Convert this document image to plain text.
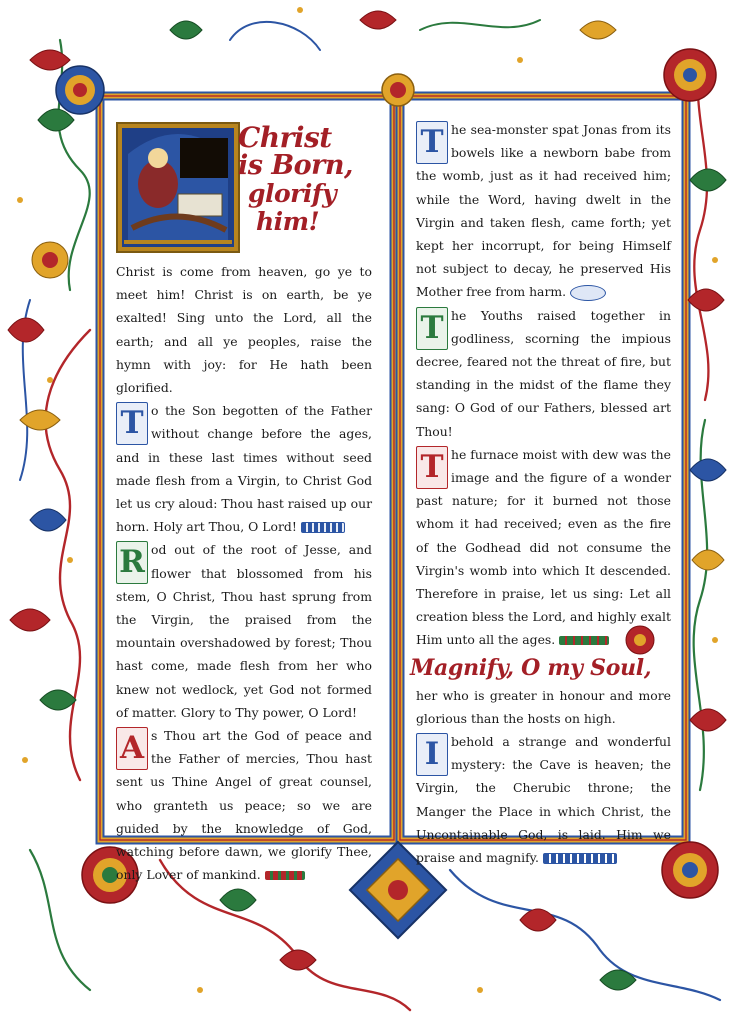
Christ
is Born,
glorify
him!

Christ is come from heaven, go ye to meet him! Christ is on earth, be ye exalted! Sing unto the Lord, all the earth; and all ye peoples, raise the hymn with joy: for He hath been glorified.

T o the Son begotten of the Father without change before the ages, and in these last times without seed made flesh from a Virgin, to Christ God let us cry aloud: Thou hast raised up our horn. Holy art Thou, O Lord!

R od out of the root of Jesse, and flower that blossomed from his stem, O Christ, Thou hast sprung from the Virgin, the praised from the mountain overshadowed by forest; Thou hast come, made flesh from her who knew not wedlock, yet God not formed of matter. Glory to Thy power, O Lord!

A s Thou art the God of peace and the Father of mercies, Thou hast sent us Thine Angel of great counsel, who granteth us peace; so we are guided by the knowledge of God, watching before dawn, we glorify Thee, only Lover of mankind.

T he sea-monster spat Jonas from its bowels like a newborn babe from the womb, just as it had received him; while the Word, having dwelt in the Virgin and taken flesh, came forth; yet kept her incorrupt, for being Himself not subject to decay, he preserved His Mother free from harm.

T he Youths raised together in godliness, scorning the impious decree, feared not the threat of fire, but standing in the midst of the flame they sang: O God of our Fathers, blessed art Thou!

T he furnace moist with dew was the image and the figure of a wonder past nature; for it burned not those whom it had received; even as the fire of the Godhead did not consume the Virgin's womb into which It descended. Therefore in praise, let us sing: Let all creation bless the Lord, and highly exalt Him unto all the ages.

Magnify, O my Soul,

her who is greater in honour and more glorious than the hosts on high.

I behold a strange and wonderful mystery: the Cave is heaven; the Virgin, the Cherubic throne; the Manger the Place in which Christ, the Uncontainable God, is laid. Him we praise and magnify.
